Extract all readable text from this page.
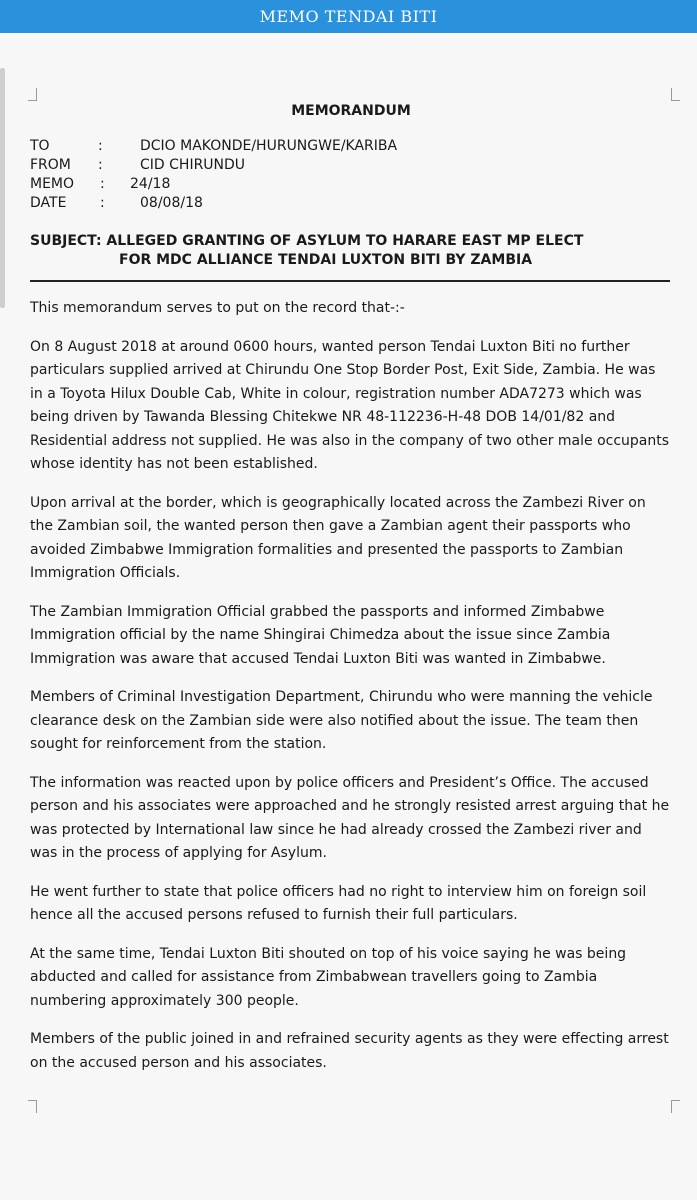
MEMO TENDAI BITI
MEMORANDUM
TO	:	DCIO MAKONDE/HURUNGWE/KARIBA
FROM	:	CID CHIRUNDU
MEMO	:	24/18
DATE	:	08/08/18
SUBJECT: ALLEGED GRANTING OF ASYLUM TO HARARE EAST MP ELECT
FOR MDC ALLIANCE TENDAI LUXTON BITI BY ZAMBIA

This memorandum serves to put on the record that-:-

On 8 August 2018 at around 0600 hours, wanted person Tendai Luxton Biti no further particulars supplied arrived at Chirundu One Stop Border Post, Exit Side, Zambia. He was in a Toyota Hilux Double Cab, White in colour, registration number ADA7273 which was being driven by Tawanda Blessing Chitekwe NR 48-112236-H-48 DOB 14/01/82 and Residential address not supplied. He was also in the company of two other male occupants whose identity has not been established.

Upon arrival at the border, which is geographically located across the Zambezi River on the Zambian soil, the wanted person then gave a Zambian agent their passports who avoided Zimbabwe Immigration formalities and presented the passports to Zambian Immigration Officials.

The Zambian Immigration Official grabbed the passports and informed Zimbabwe Immigration official by the name Shingirai Chimedza about the issue since Zambia Immigration was aware that accused Tendai Luxton Biti was wanted in Zimbabwe.

Members of Criminal Investigation Department, Chirundu who were manning the vehicle clearance desk on the Zambian side were also notified about the issue. The team then sought for reinforcement from the station.

The information was reacted upon by police officers and President’s Office. The accused person and his associates were approached and he strongly resisted arrest arguing that he was protected by International law since he had already crossed the Zambezi river and was in the process of applying for Asylum.

He went further to state that police officers had no right to interview him on foreign soil hence all the accused persons refused to furnish their full particulars.

At the same time, Tendai Luxton Biti shouted on top of his voice saying he was being abducted and called for assistance from Zimbabwean travellers going to Zambia numbering approximately 300 people.

Members of the public joined in and refrained security agents as they were effecting arrest on the accused person and his associates.
